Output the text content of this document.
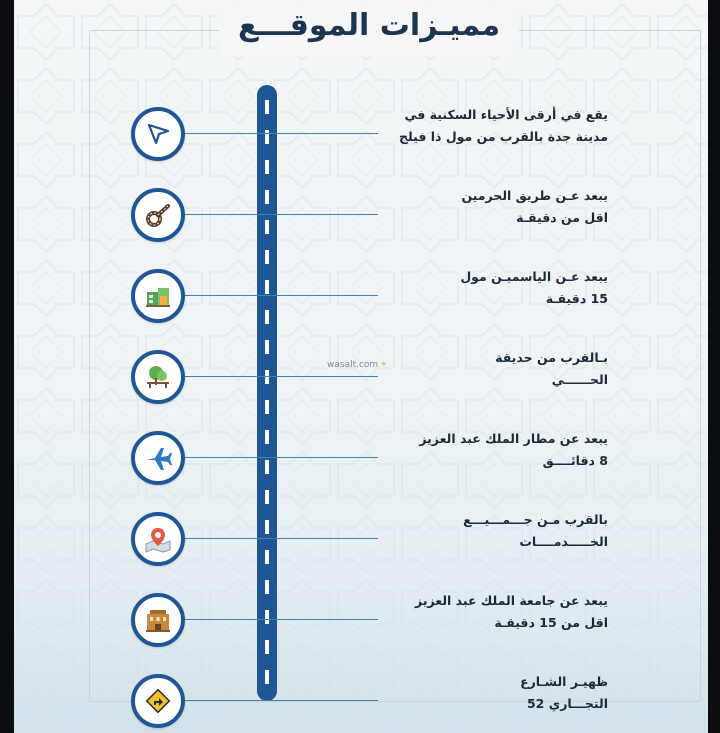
مميـزات الموقـــع
يقع في أرقى الأحياء السكنية في
مدينة جدة بالقرب من مول ذا فيلج
يبعد عـن طريق الحرمين
اقل من دقيقـة
يبعد عـن الياسميـن مول
15 دقيقـة
بـالقرب من حديقة
الحــــــي
يبعد عن مطار الملك عبد العزيز
8 دقائــــق
بالقرب مـن جـــمـــيـــع
الخـــــدمــــات
يبعد عن جامعة الملك عبد العزيز
اقل من 15 دقيقـة
ظهيـر الشـارع
التجـــاري 52
wasalt.com ⌖
